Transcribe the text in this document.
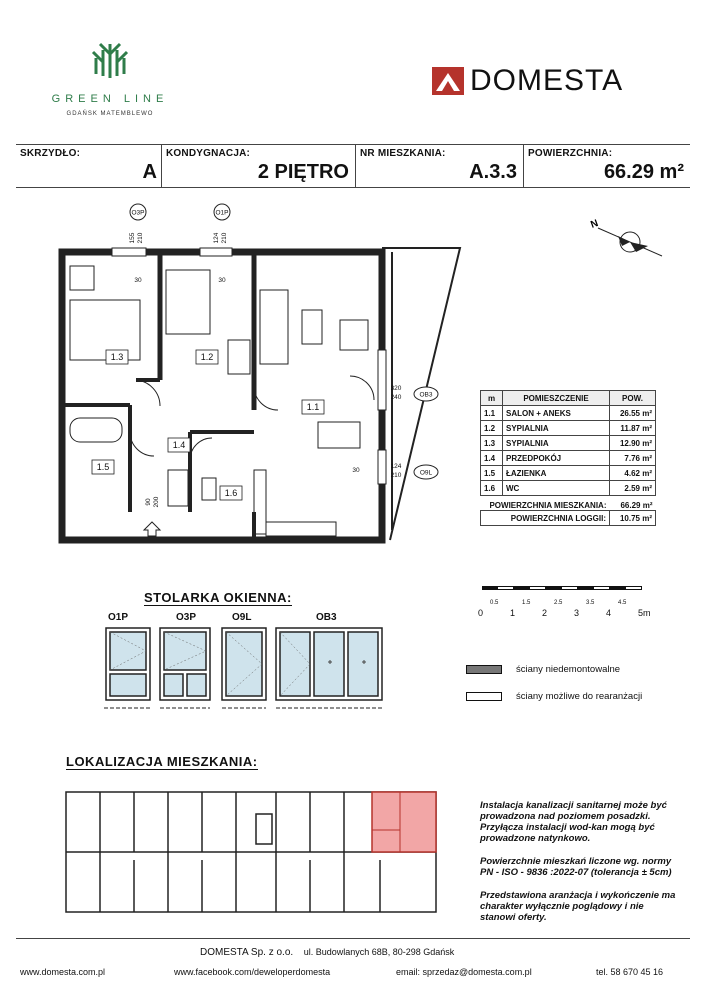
GREEN LINE
GDAŃSK MATEMBLEWO
DOMESTA
SKRZYDŁO:
A
KONDYGNACJA:
2 PIĘTRO
NR MIESZKANIA:
A.3.3
POWIERZCHNIA:
66.29 m²
O3P
155 210
30
O1P
124 210
30
OB3
320
240
O9L
124
210
30
90 200
1.3	1.2
1.1
1.4
1.5
1.6
N
m	POMIESZCZENIE	POW.
1.1	SALON + ANEKS	26.55 m²
1.2	SYPIALNIA	11.87 m²
1.3	SYPIALNIA	12.90 m²
1.4	PRZEDPOKÓJ	7.76 m²
1.5	ŁAZIENKA	4.62 m²
1.6	WC	2.59 m²
POWIERZCHNIA MIESZKANIA:		66.29 m²
POWIERZCHNIA LOGGII:		10.75 m²
0.5	1.5	2.5	3.5	4.5
0	1	2	3	4	5m
STOLARKA OKIENNA:
O1P	O3P	O9L	OB3
ściany niedemontowalne
ściany możliwe do rearanżacji
LOKALIZACJA MIESZKANIA:

Instalacja kanalizacji sanitarnej może być prowadzona nad poziomem posadzki.

Przyłącza instalacji wod-kan mogą być prowadzone natynkowo.

Powierzchnie mieszkań liczone wg. normy PN - ISO - 9836 :2022-07 (tolerancja ± 5cm)

Przedstawiona aranżacja i wykończenie ma charakter wyłącznie poglądowy i nie stanowi oferty.

DOMESTA Sp. z o.o. ul. Budowlanych 68B, 80-298 Gdańsk
www.domesta.com.pl	www.facebook.com/deweloperdomesta	email: sprzedaz@domesta.com.pl	tel. 58 670 45 16
